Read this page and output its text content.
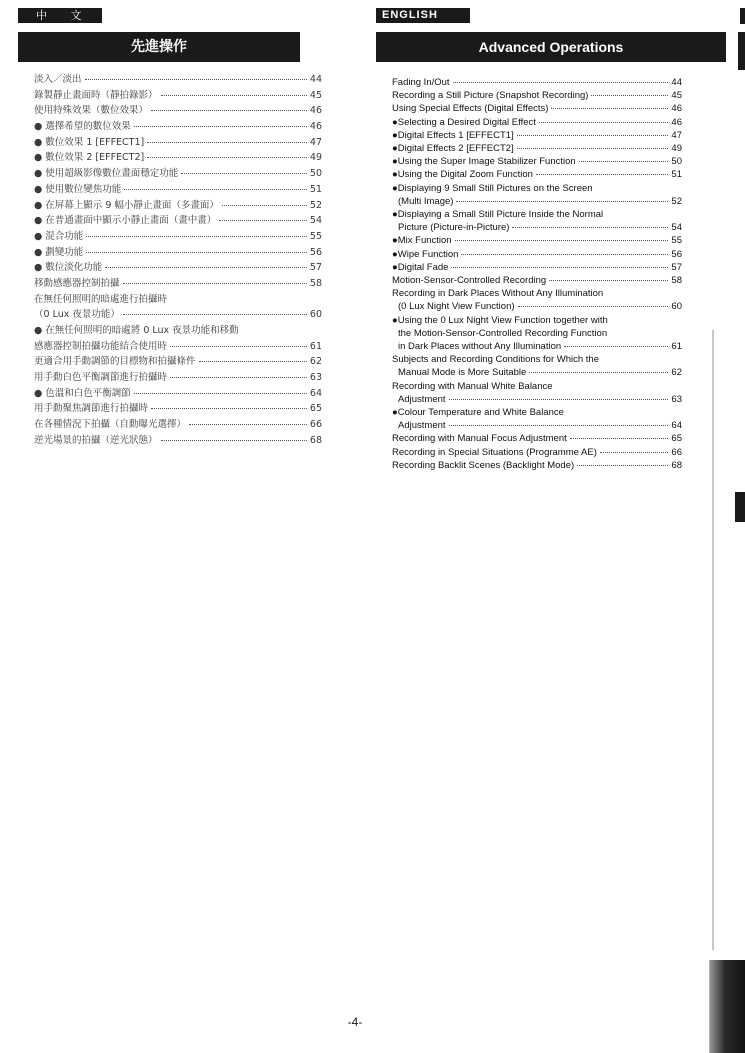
中 文	ENGLISH
先進操作	Advanced Operations
淡入／淡出	44
錄製靜止畫面時（靜拍錄影）	45
使用特殊效果（數位效果）	46
● 選擇希望的數位效果	46
● 數位效果 1 [EFFECT1]	47
● 數位效果 2 [EFFECT2]	49
● 使用超級影像數位畫面穩定功能	50
● 使用數位變焦功能	51
● 在屏幕上顯示 9 幅小靜止畫面（多畫面）	52
● 在普通畫面中顯示小靜止畫面（畫中畫）	54
● 混合功能	55
● 劃變功能	56
● 數位淡化功能	57
移動感應器控制拍攝	58
在無任何照明的暗處進行拍攝時
（0 Lux 夜景功能）	60
● 在無任何照明的暗處將 0 Lux 夜景功能和移動
感應器控制拍攝功能結合使用時	61
更適合用手動調節的目標物和拍攝條件	62
用手動白色平衡調節進行拍攝時	63
● 色溫和白色平衡調節	64
用手動聚焦調節進行拍攝時	65
在各種情況下拍攝（自動曝光選擇）	66
逆光場景的拍攝（逆光狀態）	68
Fading In/Out	44
Recording a Still Picture (Snapshot Recording)	45
Using Special Effects (Digital Effects)	46
●Selecting a Desired Digital Effect	46
●Digital Effects 1 [EFFECT1]	47
●Digital Effects 2 [EFFECT2]	49
●Using the Super Image Stabilizer Function	50
●Using the Digital Zoom Function	51
●Displaying 9 Small Still Pictures on the Screen
(Multi Image)	52
●Displaying a Small Still Picture Inside the Normal
Picture (Picture-in-Picture)	54
●Mix Function	55
●Wipe Function	56
●Digital Fade	57
Motion-Sensor-Controlled Recording	58
Recording in Dark Places Without Any Illumination
(0 Lux Night View Function)	60
●Using the 0 Lux Night View Function together with
the Motion-Sensor-Controlled Recording Function
in Dark Places without Any Illumination	61
Subjects and Recording Conditions for Which the
Manual Mode is More Suitable	62
Recording with Manual White Balance
Adjustment	63
●Colour Temperature and White Balance
Adjustment	64
Recording with Manual Focus Adjustment	65
Recording in Special Situations (Programme AE)	66
Recording Backlit Scenes (Backlight Mode)	68
-4-
